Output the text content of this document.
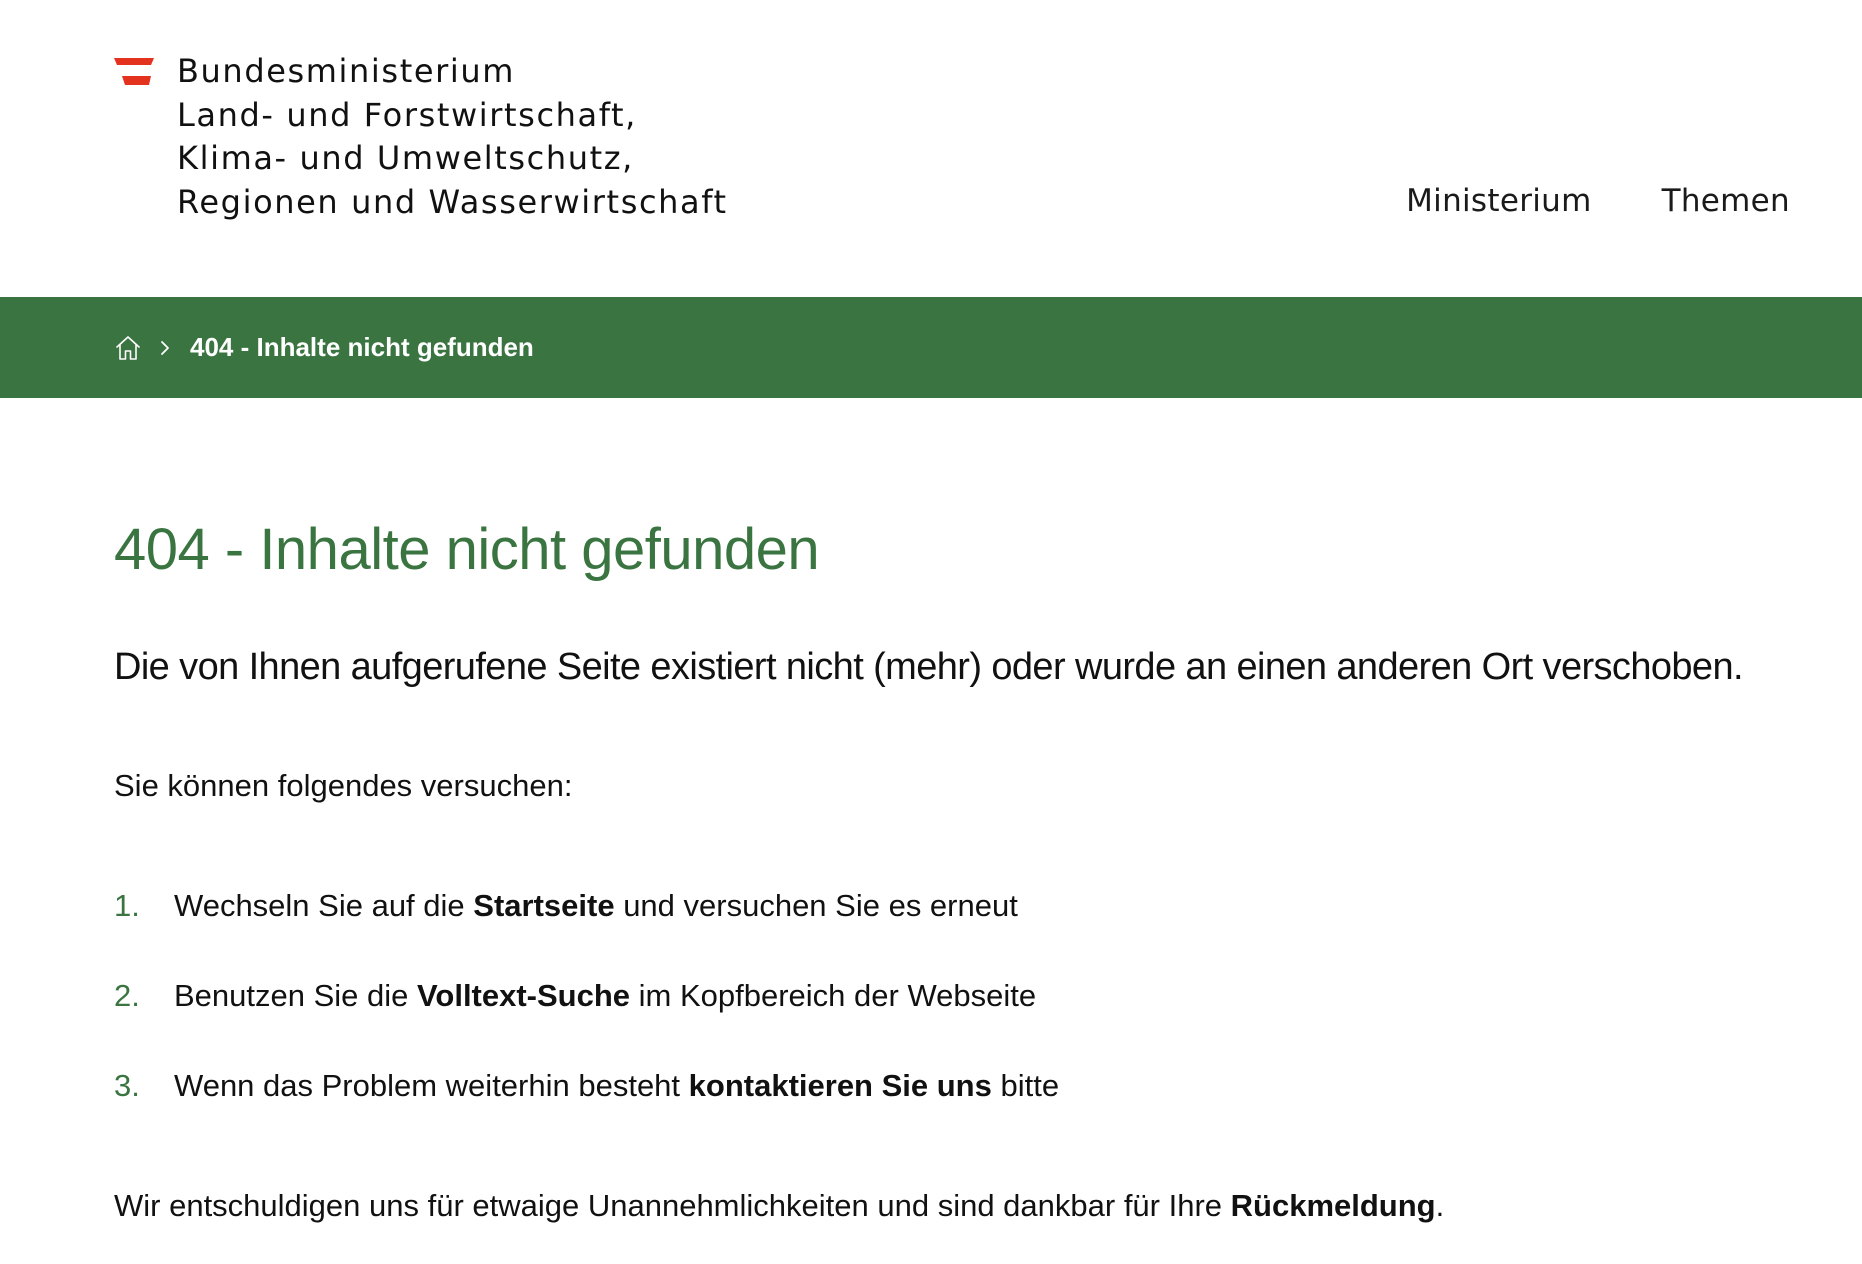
Bundesministerium
Land- und Forstwirtschaft,
Klima- und Umweltschutz,
Regionen und Wasserwirtschaft	Ministerium Themen
404 - Inhalte nicht gefunden
404 - Inhalte nicht gefunden

Die von Ihnen aufgerufene Seite existiert nicht (mehr) oder wurde an einen anderen Ort verschoben.

Sie können folgendes versuchen:

1.	Wechseln Sie auf die Startseite und versuchen Sie es erneut
2.	Benutzen Sie die Volltext-Suche im Kopfbereich der Webseite
3.	Wenn das Problem weiterhin besteht kontaktieren Sie uns bitte

Wir entschuldigen uns für etwaige Unannehmlichkeiten und sind dankbar für Ihre Rückmeldung.
